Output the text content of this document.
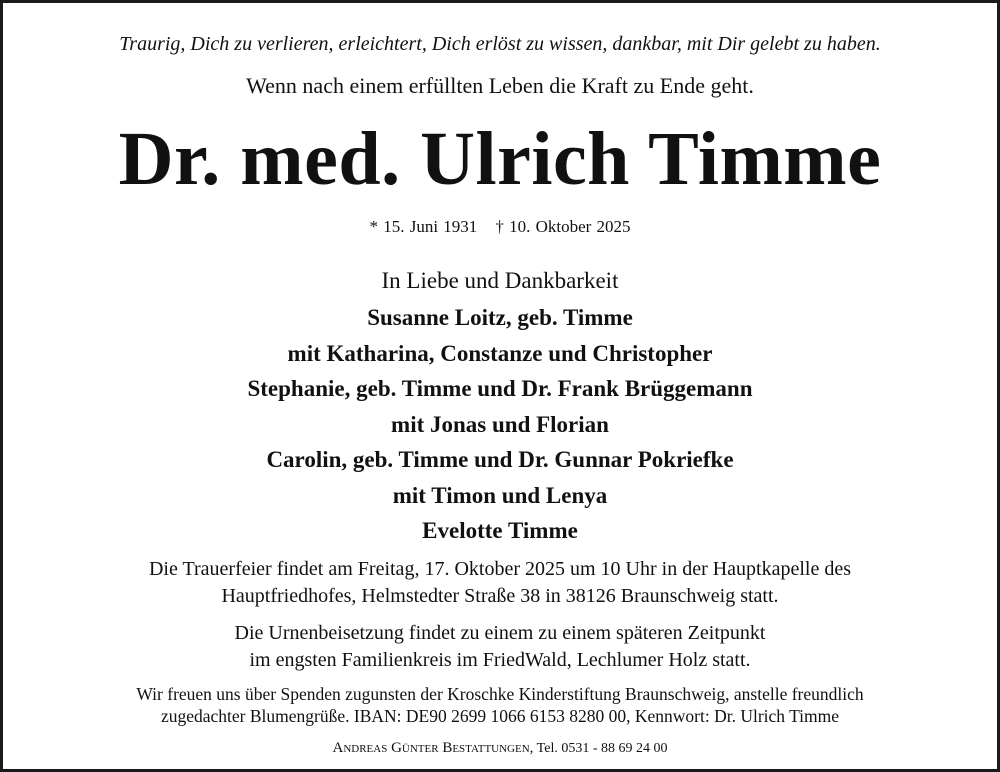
Traurig, Dich zu verlieren, erleichtert, Dich erlöst zu wissen, dankbar, mit Dir gelebt zu haben.
Wenn nach einem erfüllten Leben die Kraft zu Ende geht.
Dr. med. Ulrich Timme
* 15. Juni 1931 † 10. Oktober 2025
In Liebe und Dankbarkeit
Susanne Loitz, geb. Timme
mit Katharina, Constanze und Christopher
Stephanie, geb. Timme und Dr. Frank Brüggemann
mit Jonas und Florian
Carolin, geb. Timme und Dr. Gunnar Pokriefke
mit Timon und Lenya
Evelotte Timme
Die Trauerfeier findet am Freitag, 17. Oktober 2025 um 10 Uhr in der Hauptkapelle des
Hauptfriedhofes, Helmstedter Straße 38 in 38126 Braunschweig statt.
Die Urnenbeisetzung findet zu einem zu einem späteren Zeitpunkt
im engsten Familienkreis im FriedWald, Lechlumer Holz statt.
Wir freuen uns über Spenden zugunsten der Kroschke Kinderstiftung Braunschweig, anstelle freundlich
zugedachter Blumengrüße. IBAN: DE90 2699 1066 6153 8280 00, Kennwort: Dr. Ulrich Timme
Andreas Günter Bestattungen, Tel. 0531 - 88 69 24 00
